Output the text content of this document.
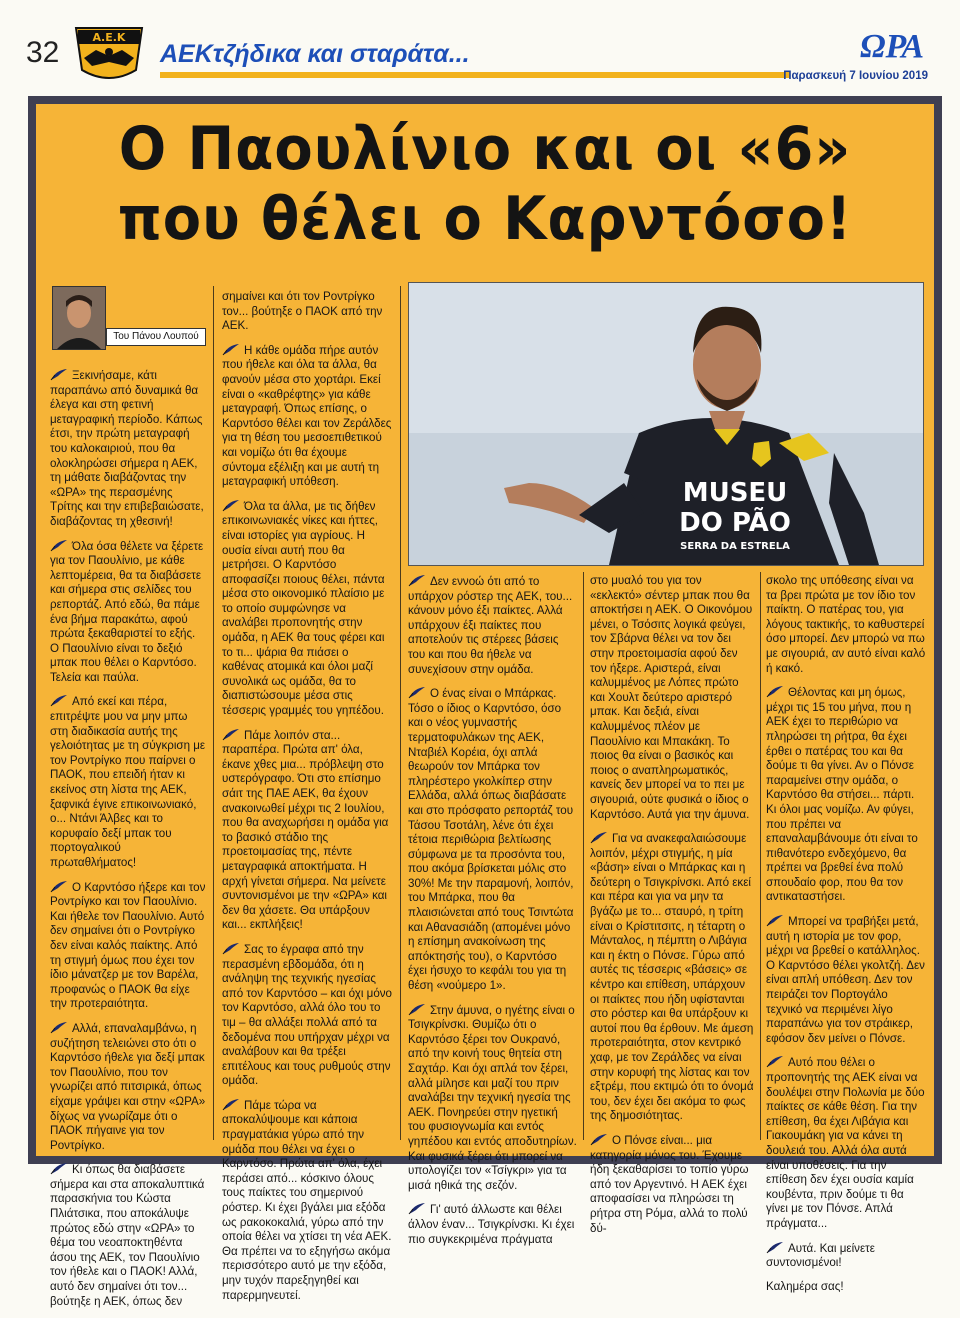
32	Α.Ε.Κ
ΑΕΚτζήδικα και σταράτα...	ΩΡΑ
Παρασκευή 7 Ιουνίου 2019
Ο Παουλίνιο και οι «6»
που θέλει ο Καρντόσο!
Του Πάνου Λουπού
MUSEU
DO PÃO
SERRA DA ESTRELA

Ξεκινήσαμε, κάτι παραπάνω από δυναμικά θα έλεγα και στη φετινή μεταγραφική περίοδο. Κάπως έτσι, την πρώτη μεταγραφή του καλοκαιριού, που θα ολοκληρώσει σήμερα η ΑΕΚ, τη μάθατε διαβάζοντας την «ΩΡΑ» της περασμένης Τρίτης και την επιβεβαιώσατε, διαβάζοντας τη χθεσινή!

Όλα όσα θέλετε να ξέρετε για τον Παουλίνιο, με κάθε λεπτομέρεια, θα τα διαβάσετε και σήμερα στις σελίδες του ρεπορτάζ. Από εδώ, θα πάμε ένα βήμα παρακάτω, αφού πρώτα ξεκαθαριστεί το εξής. Ο Παουλίνιο είναι το δεξιό μπακ που θέλει ο Καρντόσο. Τελεία και παύλα.

Από εκεί και πέρα, επιτρέψτε μου να μην μπω στη διαδικασία αυτής της γελοιότητας με τη σύγκριση με τον Ροντρίγκο που παίρνει ο ΠΑΟΚ, που επειδή ήταν κι εκείνος στη λίστα της ΑΕΚ, ξαφνικά έγινε επικοινωνιακό, ο... Ντάνι Άλβες και το κορυφαίο δεξί μπακ του πορτογαλικού πρωταθλήματος!

Ο Καρντόσο ήξερε και τον Ροντρίγκο και τον Παουλίνιο. Και ήθελε τον Παουλίνιο. Αυτό δεν σημαίνει ότι ο Ροντρίγκο δεν είναι καλός παίκτης. Από τη στιγμή όμως που έχει τον ίδιο μάνατζερ με τον Βαρέλα, προφανώς ο ΠΑΟΚ θα είχε την προτεραιότητα.

Αλλά, επαναλαμβάνω, η συζήτηση τελειώνει στο ότι ο Καρντόσο ήθελε για δεξί μπακ τον Παουλίνιο, που τον γνωρίζει από πιτσιρικά, όπως είχαμε γράψει και στην «ΩΡΑ» δίχως να γνωρίζαμε ότι ο ΠΑΟΚ πήγαινε για τον Ροντρίγκο.

Κι όπως θα διαβάσετε σήμερα και στα αποκαλυπτικά παρασκήνια του Κώστα Πλιάτσικα, που αποκάλυψε πρώτος εδώ στην «ΩΡΑ» το θέμα του νεοαποκτηθέντα άσου της ΑΕΚ, τον Παουλίνιο τον ήθελε και ο ΠΑΟΚ! Αλλά, αυτό δεν σημαίνει ότι τον... βούτηξε η ΑΕΚ, όπως δεν

σημαίνει και ότι τον Ροντρίγκο τον... βούτηξε ο ΠΑΟΚ από την ΑΕΚ.

Η κάθε ομάδα πήρε αυτόν που ήθελε και όλα τα άλλα, θα φανούν μέσα στο χορτάρι. Εκεί είναι ο «καθρέφτης» για κάθε μεταγραφή. Όπως επίσης, ο Καρντόσο θέλει και τον Ζεράλδες για τη θέση του μεσοεπιθετικού και νομίζω ότι θα έχουμε σύντομα εξέλιξη και με αυτή τη μεταγραφική υπόθεση.

Όλα τα άλλα, με τις δήθεν επικοινωνιακές νίκες και ήττες, είναι ιστορίες για αγρίους. Η ουσία είναι αυτή που θα μετρήσει. Ο Καρντόσο αποφασίζει ποιους θέλει, πάντα μέσα στο οικονομικό πλαίσιο με το οποίο συμφώνησε να αναλάβει προπονητής στην ομάδα, η ΑΕΚ θα τους φέρει και το τι... ψάρια θα πιάσει ο καθένας ατομικά και όλοι μαζί συνολικά ως ομάδα, θα το διαπιστώσουμε μέσα στις τέσσερις γραμμές του γηπέδου.

Πάμε λοιπόν στα... παραπέρα. Πρώτα απ' όλα, έκανε χθες μια... πρόβλεψη στο υστερόγραφο. Ότι στο επίσημο σάιτ της ΠΑΕ ΑΕΚ, θα έχουν ανακοινωθεί μέχρι τις 2 Ιουλίου, που θα αναχωρήσει η ομάδα για το βασικό στάδιο της προετοιμασίας της, πέντε μεταγραφικά αποκτήματα. Η αρχή γίνεται σήμερα. Να μείνετε συντονισμένοι με την «ΩΡΑ» και δεν θα χάσετε. Θα υπάρξουν και... εκπλήξεις!

Σας το έγραφα από την περασμένη εβδομάδα, ότι η ανάληψη της τεχνικής ηγεσίας από τον Καρντόσο – και όχι μόνο τον Καρντόσο, αλλά όλο του το τιμ – θα αλλάξει πολλά από τα δεδομένα που υπήρχαν μέχρι να αναλάβουν και θα τρέξει επιτέλους και τους ρυθμούς στην ομάδα.

Πάμε τώρα να αποκαλύψουμε και κάποια πραγματάκια γύρω από την ομάδα που θέλει να έχει ο Καρντόσο. Πρώτα απ' όλα, έχει περάσει από... κόσκινο όλους τους παίκτες του σημερινού ρόστερ. Κι έχει βγάλει μια εξόδα ως ρακοκοκαλιά, γύρω από την οποία θέλει να χτίσει τη νέα ΑΕΚ. Θα πρέπει να το εξηγήσω ακόμα περισσότερο αυτό με την εξόδα, μην τυχόν παρεξηγηθεί και παρερμηνευτεί.

Δεν εννοώ ότι από το υπάρχον ρόστερ της ΑΕΚ, του... κάνουν μόνο έξι παίκτες. Αλλά υπάρχουν έξι παίκτες που αποτελούν τις στέρεες βάσεις του και που θα ήθελε να συνεχίσουν στην ομάδα.

Ο ένας είναι ο Μπάρκας. Τόσο ο ίδιος ο Καρντόσο, όσο και ο νέος γυμναστής τερματοφυλάκων της ΑΕΚ, Νταβιέλ Κορέια, όχι απλά θεωρούν τον Μπάρκα τον πληρέστερο γκολκίπερ στην Ελλάδα, αλλά όπως διαβάσατε και στο πρόσφατο ρεπορτάζ του Τάσου Τσοτάλη, λένε ότι έχει τέτοια περιθώρια βελτίωσης σύμφωνα με τα προσόντα του, που ακόμα βρίσκεται μόλις στο 30%! Με την παραμονή, λοιπόν, του Μπάρκα, που θα πλαισιώνεται από τους Τσιντώτα και Αθανασιάδη (απομένει μόνο η επίσημη ανακοίνωση της απόκτησής του), ο Καρντόσο έχει ήσυχο το κεφάλι του για τη θέση «νούμερο 1».

Στην άμυνα, ο ηγέτης είναι ο Τσιγκρίνσκι. Θυμίζω ότι ο Καρντόσο ξέρει τον Ουκρανό, από την κοινή τους θητεία στη Σαχτάρ. Και όχι απλά τον ξέρει, αλλά μίλησε και μαζί του πριν αναλάβει την τεχνική ηγεσία της ΑΕΚ. Πονηρεύει στην ηγετική του φυσιογνωμία και εντός γηπέδου και εντός αποδυτηρίων. Και φυσικά ξέρει ότι μπορεί να υπολογίζει τον «Τσίγκρι» για τα μισά ηθικά της σεζόν.

Γι' αυτό άλλωστε και θέλει άλλον έναν... Τσιγκρίνσκι. Κι έχει πιο συγκεκριμένα πράγματα

στο μυαλό του για τον «εκλεκτό» σέντερ μπακ που θα αποκτήσει η ΑΕΚ. Ο Οικονόμου μένει, ο Τσόσιτς λογικά φεύγει, τον Σβάρνα θέλει να τον δει στην προετοιμασία αφού δεν τον ήξερε. Αριστερά, είναι καλυμμένος με Λόπες πρώτο και Χουλτ δεύτερο αριστερό μπακ. Και δεξιά, είναι καλυμμένος πλέον με Παουλίνιο και Μπακάκη. Το ποιος θα είναι ο βασικός και ποιος ο αναπληρωματικός, κανείς δεν μπορεί να το πει με σιγουριά, ούτε φυσικά ο ίδιος ο Καρντόσο. Αυτά για την άμυνα.

Για να ανακεφαλαιώσουμε λοιπόν, μέχρι στιγμής, η μία «βάση» είναι ο Μπάρκας και η δεύτερη ο Τσιγκρίνσκι. Από εκεί και πέρα και για να μην τα βγάζω με το... σταυρό, η τρίτη είναι ο Κρίστιτσιτς, η τέταρτη ο Μάνταλος, η πέμπτη ο Λιβάγια και η έκτη ο Πόνσε. Γύρω από αυτές τις τέσσερις «βάσεις» σε κέντρο και επίθεση, υπάρχουν οι παίκτες που ήδη υφίστανται στο ρόστερ και θα υπάρξουν κι αυτοί που θα έρθουν. Με άμεση προτεραιότητα, στον κεντρικό χαφ, με τον Ζεράλδες να είναι στην κορυφή της λίστας και τον εξτρέμ, που εκτιμώ ότι το όνομά του, δεν έχει δει ακόμα το φως της δημοσιότητας.

Ο Πόνσε είναι... μια κατηγορία μόνος του. Έχουμε ήδη ξεκαθαρίσει το τοπίο γύρω από τον Αργεντινό. Η ΑΕΚ έχει αποφασίσει να πληρώσει τη ρήτρα στη Ρόμα, αλλά το πολύ δύ-

σκολο της υπόθεσης είναι να τα βρει πρώτα με τον ίδιο τον παίκτη. Ο πατέρας του, για λόγους τακτικής, το καθυστερεί όσο μπορεί. Δεν μπορώ να πω με σιγουριά, αν αυτό είναι καλό ή κακό.

Θέλοντας και μη όμως, μέχρι τις 15 του μήνα, που η ΑΕΚ έχει το περιθώριο να πληρώσει τη ρήτρα, θα έχει έρθει ο πατέρας του και θα δούμε τι θα γίνει. Αν ο Πόνσε παραμείνει στην ομάδα, ο Καρντόσο θα στήσει... πάρτι. Κι όλοι μας νομίζω. Αν φύγει, που πρέπει να επαναλαμβάνουμε ότι είναι το πιθανότερο ενδεχόμενο, θα πρέπει να βρεθεί ένα πολύ σπουδαίο φορ, που θα τον αντικαταστήσει.

Μπορεί να τραβήξει μετά, αυτή η ιστορία με τον φορ, μέχρι να βρεθεί ο κατάλληλος. Ο Καρντόσο θέλει γκολτζή. Δεν είναι απλή υπόθεση. Δεν τον πειράζει τον Πορτογάλο τεχνικό να περιμένει λίγο παραπάνω για τον στράικερ, εφόσον δεν μείνει ο Πόνσε.

Αυτό που θέλει ο προπονητής της ΑΕΚ είναι να δουλέψει στην Πολωνία με δύο παίκτες σε κάθε θέση. Για την επίθεση, θα έχει Λιβάγια και Γιακουμάκη για να κάνει τη δουλειά του. Αλλά όλα αυτά είναι υποθέσεις. Για την επίθεση δεν έχει ουσία καμία κουβέντα, πριν δούμε τι θα γίνει με τον Πόνσε. Απλά πράγματα...

Αυτά. Και μείνετε συντονισμένοι!

Καλημέρα σας!
